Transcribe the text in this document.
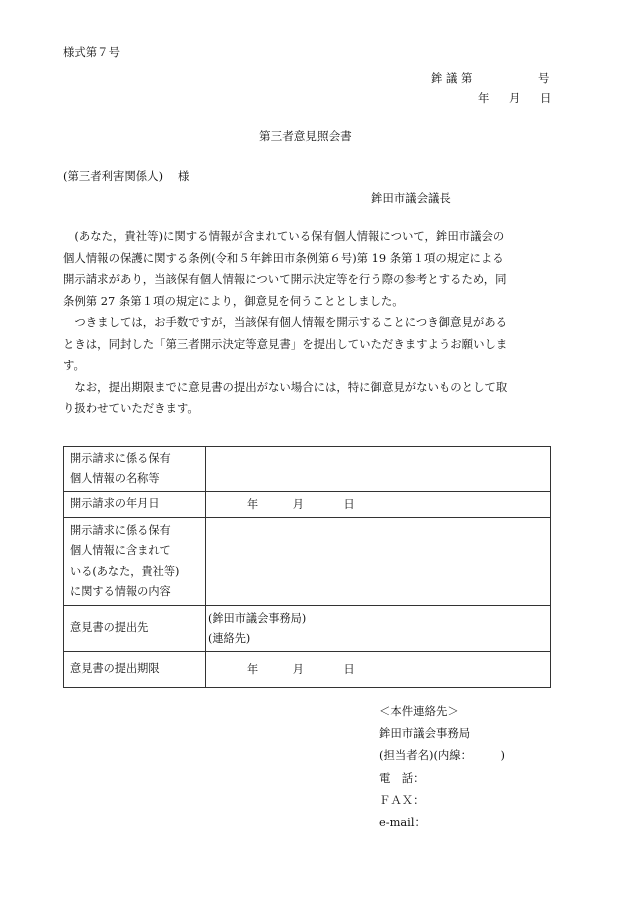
様式第７号
鉾 議 第	号
年 月 日
第三者意見照会書
(第三者利害関係人)　 様
鉾田市議会議長
　(あなた，貴社等)に関する情報が含まれている保有個人情報について，鉾田市議会の
個人情報の保護に関する条例(令和５年鉾田市条例第６号)第 19 条第１項の規定による
開示請求があり，当該保有個人情報について開示決定等を行う際の参考とするため，同
条例第 27 条第１項の規定により，御意見を伺うこととしました。
　つきましては，お手数ですが，当該保有個人情報を開示することにつき御意見がある
ときは，同封した「第三者開示決定等意見書」を提出していただきますようお願いしま
す。
　なお，提出期限までに意見書の提出がない場合には，特に御意見がないものとして取
り扱わせていただきます。
開示請求に係る保有
個人情報の名称等	

開示請求の年月日	年 月 日

開示請求に係る保有
個人情報に含まれて
いる(あなた，貴社等)
に関する情報の内容	

意見書の提出先	(鉾田市議会事務局)
(連絡先)

意見書の提出期限	年 月 日
＜本件連絡先＞
鉾田市議会事務局
(担当者名)(内線：　　　)
電　話：
ＦＡＸ：
e-mail：
